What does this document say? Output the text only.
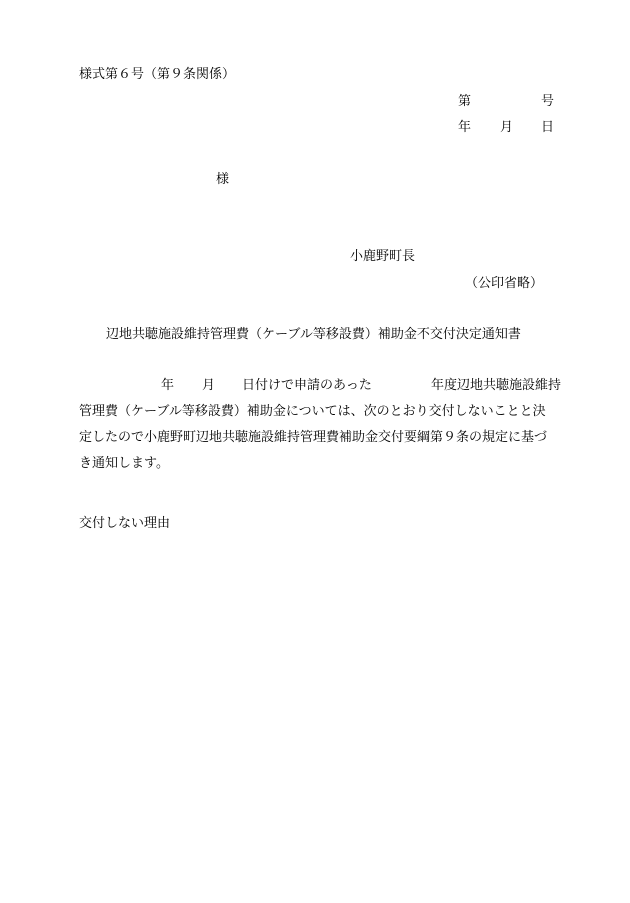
様式第６号（第９条関係）
第	号
年 月 日
様
小鹿野町長
（公印省略）
辺地共聴施設維持管理費（ケーブル等移設費）補助金不交付決定通知書
年 月 日付けで申請のあった	年度辺地共聴施設維持
管理費（ケーブル等移設費）補助金については、次のとおり交付しないことと決
定したので小鹿野町辺地共聴施設維持管理費補助金交付要綱第９条の規定に基づ
き通知します。
交付しない理由
